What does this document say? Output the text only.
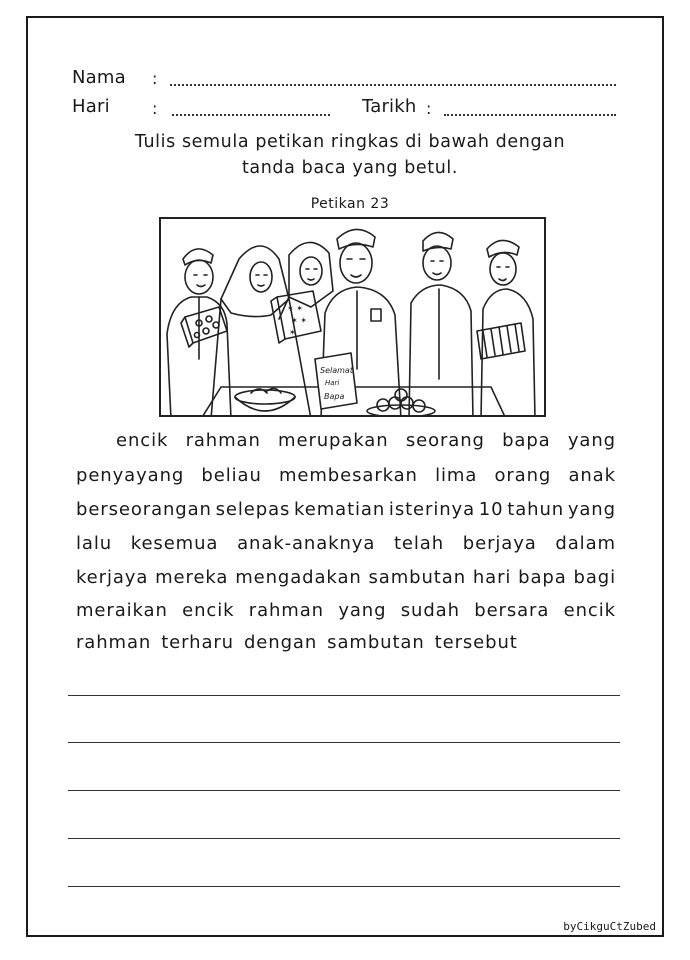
Nama :
Hari	:	Tarikh :
Tulis semula petikan ringkas di bawah dengan
tanda baca yang betul.
Petikan 23
✶ ✶
✶ ✶
✶
Selamat
Hari
Bapa
encik rahman merupakan seorang bapa yang
penyayang beliau membesarkan lima orang anak
berseorangan selepas kematian isterinya 10 tahun yang
lalu kesemua anak-anaknya telah berjaya dalam
kerjaya mereka mengadakan sambutan hari bapa bagi
meraikan encik rahman yang sudah bersara encik
rahman terharu dengan sambutan tersebut
byCikguCtZubed
